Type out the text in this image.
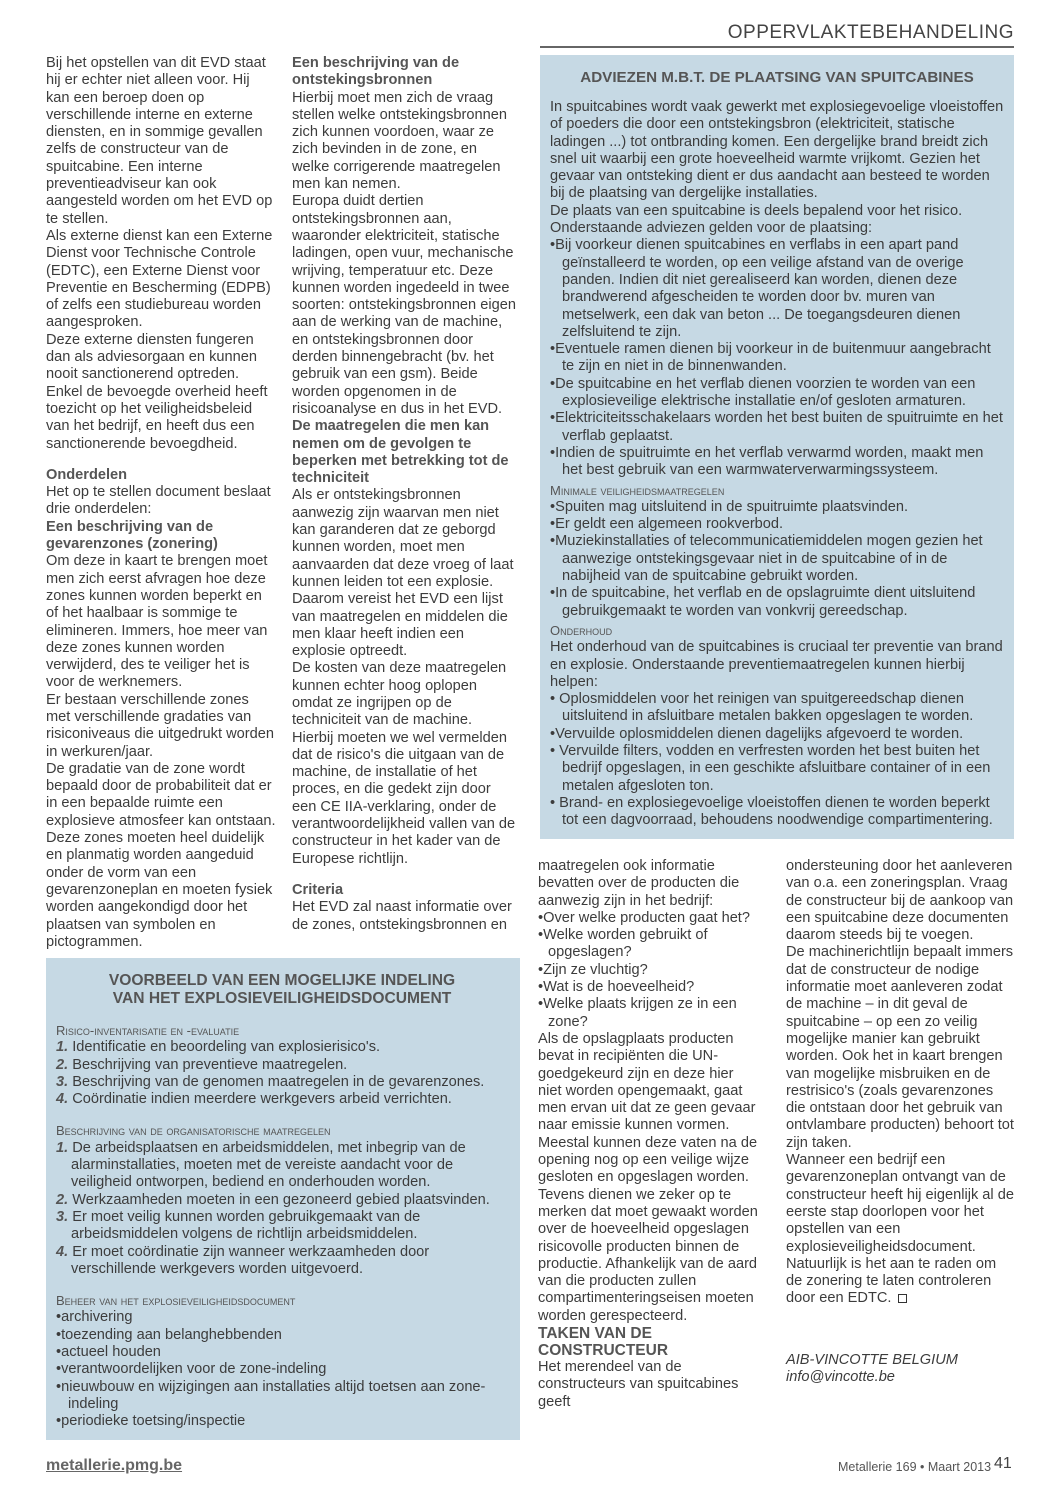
OPPERVLAKTEBEHANDELING

Bij het opstellen van dit EVD staat hij er echter niet alleen voor. Hij kan een beroep doen op verschillende interne en externe diensten, en in sommige gevallen zelfs de constructeur van de spuitcabine. Een interne preventieadviseur kan ook aangesteld worden om het EVD op te stellen.

Als externe dienst kan een Externe Dienst voor Technische Controle (EDTC), een Externe Dienst voor Preventie en Bescherming (EDPB) of zelfs een studiebureau worden aangesproken.

Deze externe diensten fungeren dan als adviesorgaan en kunnen nooit sanctionerend optreden.

Enkel de bevoegde overheid heeft toezicht op het veiligheidsbeleid van het bedrijf, en heeft dus een sanctionerende bevoegdheid.

Onderdelen

Het op te stellen document beslaat drie onderdelen:

Een beschrijving van de gevarenzones (zonering)

Om deze in kaart te brengen moet men zich eerst afvragen hoe deze zones kunnen worden beperkt en of het haalbaar is sommige te elimineren. Immers, hoe meer van deze zones kunnen worden verwijderd, des te veiliger het is voor de werknemers.

Er bestaan verschillende zones met verschillende gradaties van risiconiveaus die uitgedrukt worden in werkuren/jaar.

De gradatie van de zone wordt bepaald door de probabiliteit dat er in een bepaalde ruimte een explosieve atmosfeer kan ontstaan. Deze zones moeten heel duidelijk en planmatig worden aangeduid onder de vorm van een gevarenzoneplan en moeten fysiek worden aangekondigd door het plaatsen van symbolen en pictogrammen.

Een beschrijving van de ontstekingsbronnen

Hierbij moet men zich de vraag stellen welke ontstekingsbronnen zich kunnen voordoen, waar ze zich bevinden in de zone, en welke corrigerende maatregelen men kan nemen.

Europa duidt dertien ontstekingsbronnen aan, waaronder elektriciteit, statische ladingen, open vuur, mechanische wrijving, temperatuur etc. Deze kunnen worden ingedeeld in twee soorten: ontstekingsbronnen eigen aan de werking van de machine, en ontstekingsbronnen door derden binnengebracht (bv. het gebruik van een gsm). Beide worden opgenomen in de risicoanalyse en dus in het EVD.

De maatregelen die men kan nemen om de gevolgen te beperken met betrekking tot de techniciteit

Als er ontstekingsbronnen aanwezig zijn waarvan men niet kan garanderen dat ze geborgd kunnen worden, moet men aanvaarden dat deze vroeg of laat kunnen leiden tot een explosie. Daarom vereist het EVD een lijst van maatregelen en middelen die men klaar heeft indien een explosie optreedt.

De kosten van deze maatregelen kunnen echter hoog oplopen omdat ze ingrijpen op de techniciteit van de machine.

Hierbij moeten we wel vermelden dat de risico's die uitgaan van de machine, de installatie of het proces, en die gedekt zijn door een CE IIA-verklaring, onder de verantwoordelijkheid vallen van de constructeur in het kader van de Europese richtlijn.

Criteria

Het EVD zal naast informatie over de zones, ontstekingsbronnen en

ADVIEZEN M.B.T. DE PLAATSING VAN SPUITCABINES

In spuitcabines wordt vaak gewerkt met explosiegevoelige vloeistoffen of poeders die door een ontstekingsbron (elektriciteit, statische ladingen ...) tot ontbranding komen. Een dergelijke brand breidt zich snel uit waarbij een grote hoeveelheid warmte vrijkomt. Gezien het gevaar van ontsteking dient er dus aandacht aan besteed te worden bij de plaatsing van dergelijke installaties.

De plaats van een spuitcabine is deels bepalend voor het risico. Onderstaande adviezen gelden voor de plaatsing:

• Bij voorkeur dienen spuitcabines en verflabs in een apart pand geïnstalleerd te worden, op een veilige afstand van de overige panden. Indien dit niet gerealiseerd kan worden, dienen deze brandwerend afgescheiden te worden door bv. muren van metselwerk, een dak van beton ... De toegangsdeuren dienen zelfsluitend te zijn.
• Eventuele ramen dienen bij voorkeur in de buitenmuur aangebracht te zijn en niet in de binnenwanden.
• De spuitcabine en het verflab dienen voorzien te worden van een explosieveilige elektrische installatie en/of gesloten armaturen.
• Elektriciteitsschakelaars worden het best buiten de spuitruimte en het verflab geplaatst.
• Indien de spuitruimte en het verflab verwarmd worden, maakt men het best gebruik van een warmwaterverwarmingssysteem.

Minimale veiligheidsmaatregelen

• Spuiten mag uitsluitend in de spuitruimte plaatsvinden.
• Er geldt een algemeen rookverbod.
• Muziekinstallaties of telecommunicatiemiddelen mogen gezien het aanwezige ontstekingsgevaar niet in de spuitcabine of in de nabijheid van de spuitcabine gebruikt worden.
• In de spuitcabine, het verflab en de opslagruimte dient uitsluitend gebruikgemaakt te worden van vonkvrij gereedschap.

Onderhoud

Het onderhoud van de spuitcabines is cruciaal ter preventie van brand en explosie. Onderstaande preventiemaatregelen kunnen hierbij helpen:

• Oplosmiddelen voor het reinigen van spuitgereedschap dienen uitsluitend in afsluitbare metalen bakken opgeslagen te worden.
• Vervuilde oplosmiddelen dienen dagelijks afgevoerd te worden.
• Vervuilde filters, vodden en verfresten worden het best buiten het bedrijf opgeslagen, in een geschikte afsluitbare container of in een metalen afgesloten ton.
• Brand- en explosiegevoelige vloeistoffen dienen te worden beperkt tot een dagvoorraad, behoudens noodwendige compartimentering.
VOORBEELD VAN EEN MOGELIJKE INDELING
VAN HET EXPLOSIEVEILIGHEIDSDOCUMENT

Risico-inventarisatie en -evaluatie

1. Identificatie en beoordeling van explosierisico's.
2. Beschrijving van preventieve maatregelen.
3. Beschrijving van de genomen maatregelen in de gevarenzones.
4. Coördinatie indien meerdere werkgevers arbeid verrichten.

Beschrijving van de organisatorische maatregelen

1. De arbeidsplaatsen en arbeidsmiddelen, met inbegrip van de alarminstallaties, moeten met de vereiste aandacht voor de veiligheid ontworpen, bediend en onderhouden worden.
2. Werkzaamheden moeten in een gezoneerd gebied plaatsvinden.
3. Er moet veilig kunnen worden gebruikgemaakt van de arbeidsmiddelen volgens de richtlijn arbeidsmiddelen.
4. Er moet coördinatie zijn wanneer werkzaamheden door verschillende werkgevers worden uitgevoerd.

Beheer van het explosieveiligheidsdocument

• archivering
• toezending aan belanghebbenden
• actueel houden
• verantwoordelijken voor de zone-indeling
• nieuwbouw en wijzigingen aan installaties altijd toetsen aan zone-indeling
• periodieke toetsing/inspectie

maatregelen ook informatie bevatten over de producten die aanwezig zijn in het bedrijf:

• Over welke producten gaat het?
• Welke worden gebruikt of opgeslagen?
• Zijn ze vluchtig?
• Wat is de hoeveelheid?
• Welke plaats krijgen ze in een zone?

Als de opslagplaats producten bevat in recipiënten die UN-goedgekeurd zijn en deze hier niet worden opengemaakt, gaat men ervan uit dat ze geen gevaar naar emissie kunnen vormen. Meestal kunnen deze vaten na de opening nog op een veilige wijze gesloten en opgeslagen worden. Tevens dienen we zeker op te merken dat moet gewaakt worden over de hoeveelheid opgeslagen risicovolle producten binnen de productie. Afhankelijk van de aard van die producten zullen compartimenteringseisen moeten worden gerespecteerd.

TAKEN VAN DE CONSTRUCTEUR

Het merendeel van de constructeurs van spuitcabines geeft

ondersteuning door het aanleveren van o.a. een zoneringsplan. Vraag de constructeur bij de aankoop van een spuitcabine deze documenten daarom steeds bij te voegen.

De machinerichtlijn bepaalt immers dat de constructeur de nodige informatie moet aanleveren zodat de machine – in dit geval de spuitcabine – op een zo veilig mogelijke manier kan gebruikt worden. Ook het in kaart brengen van mogelijke misbruiken en de restrisico's (zoals gevarenzones die ontstaan door het gebruik van ontvlambare producten) behoort tot zijn taken.

Wanneer een bedrijf een gevarenzoneplan ontvangt van de constructeur heeft hij eigenlijk al de eerste stap doorlopen voor het opstellen van een explosieveiligheidsdocument.

Natuurlijk is het aan te raden om de zonering te laten controleren door een EDTC.

AIB-VINCOTTE BELGIUM
info@vincotte.be

metallerie.pmg.be	Metallerie 169 • Maart 2013 41
